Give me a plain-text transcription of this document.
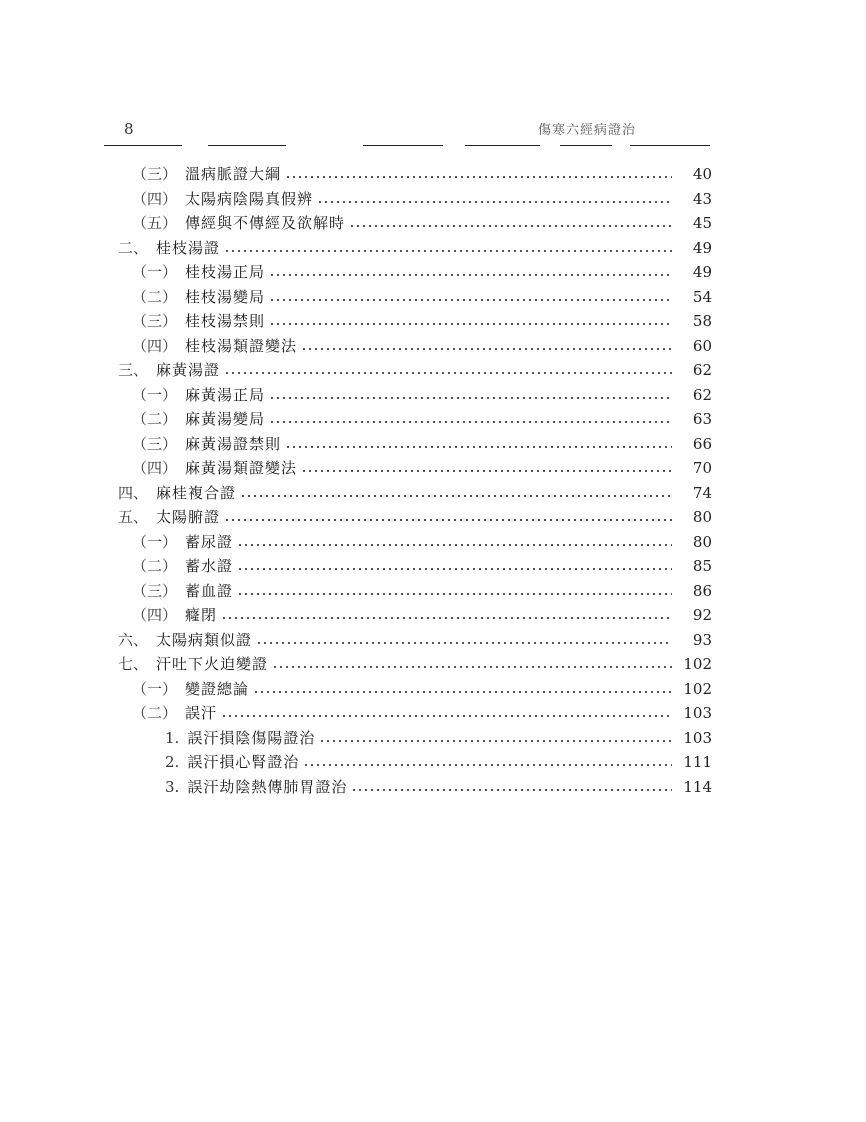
8	傷寒六經病證治
（三） 溫病脈證大綱	40
（四） 太陽病陰陽真假辨	43
（五） 傳經與不傳經及欲解時	45
二、 桂枝湯證	49
（一） 桂枝湯正局	49
（二） 桂枝湯變局	54
（三） 桂枝湯禁則	58
（四） 桂枝湯類證變法	60
三、 麻黃湯證	62
（一） 麻黃湯正局	62
（二） 麻黃湯變局	63
（三） 麻黃湯證禁則	66
（四） 麻黃湯類證變法	70
四、 麻桂複合證	74
五、 太陽腑證	80
（一） 蓄尿證	80
（二） 蓄水證	85
（三） 蓄血證	86
（四） 癃閉	92
六、 太陽病類似證	93
七、 汗吐下火迫變證	102
（一） 變證總論	102
（二） 誤汗	103
1. 誤汗損陰傷陽證治	103
2. 誤汗損心腎證治	111
3. 誤汗劫陰熱傳肺胃證治	114
